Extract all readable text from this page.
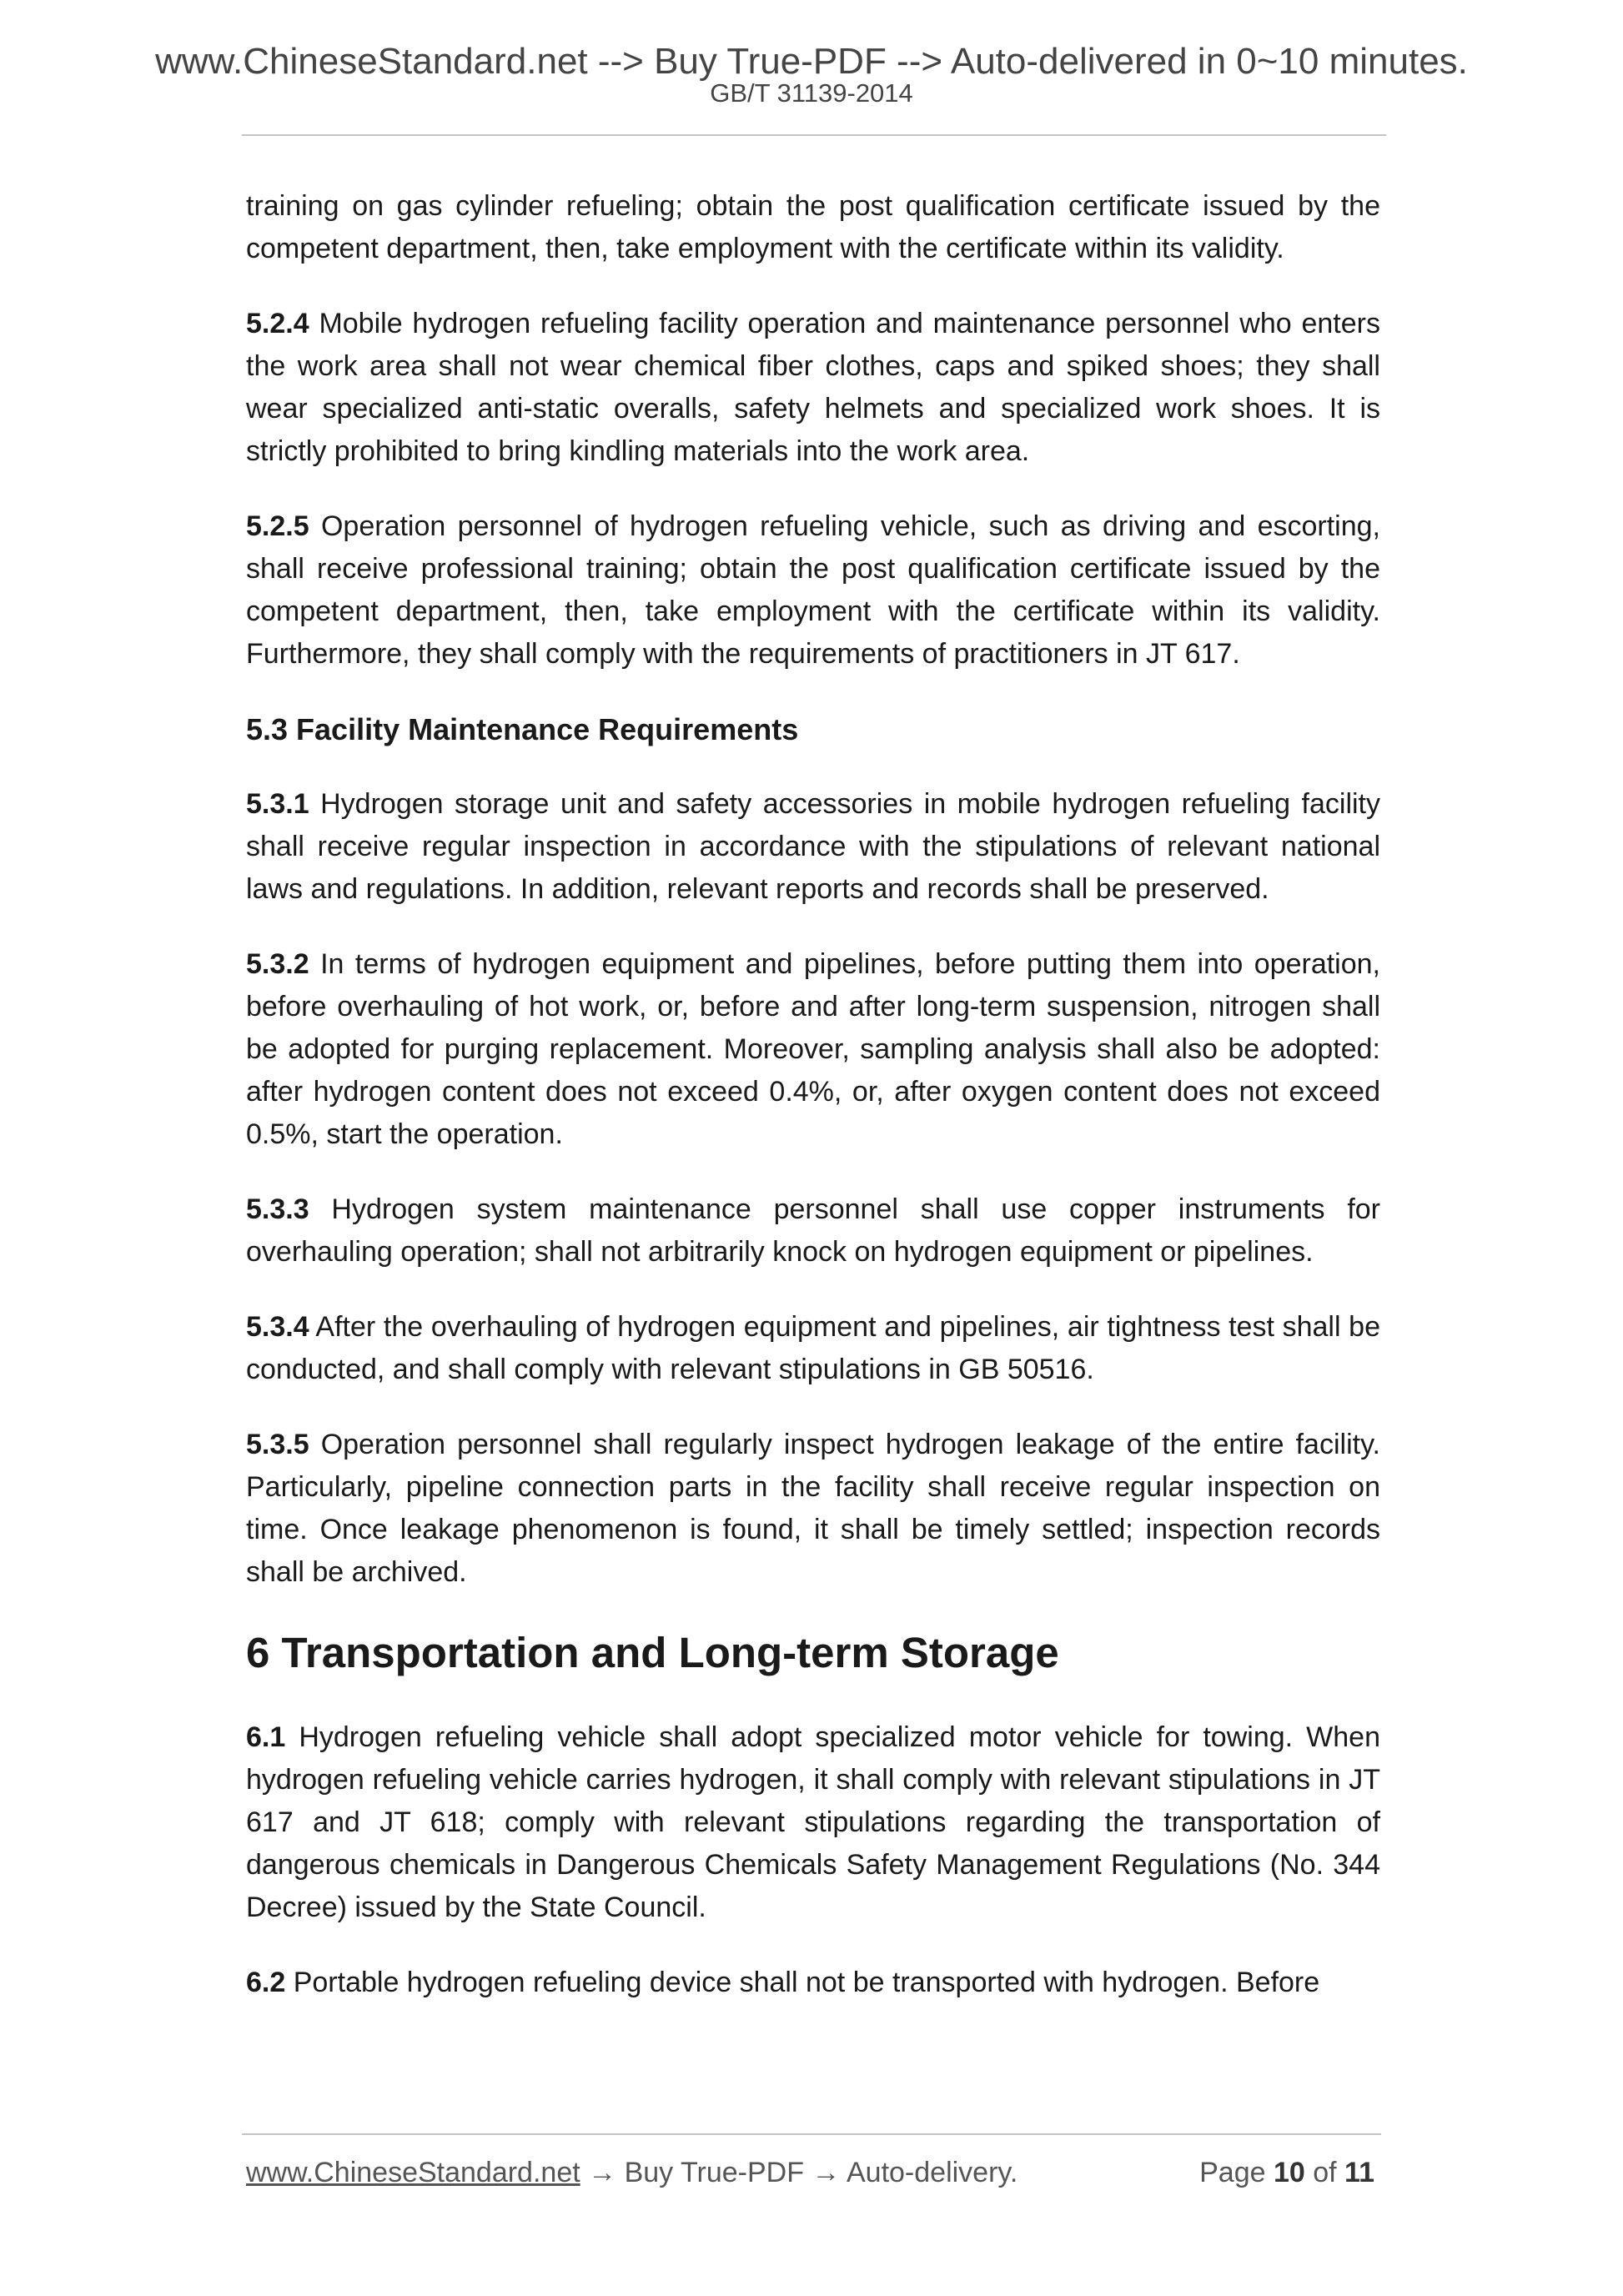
www.ChineseStandard.net --> Buy True-PDF --> Auto-delivered in 0~10 minutes.
GB/T 31139-2014

training on gas cylinder refueling; obtain the post qualification certificate issued by the competent department, then, take employment with the certificate within its validity.

5.2.4 Mobile hydrogen refueling facility operation and maintenance personnel who enters the work area shall not wear chemical fiber clothes, caps and spiked shoes; they shall wear specialized anti-static overalls, safety helmets and specialized work shoes. It is strictly prohibited to bring kindling materials into the work area.

5.2.5 Operation personnel of hydrogen refueling vehicle, such as driving and escorting, shall receive professional training; obtain the post qualification certificate issued by the competent department, then, take employment with the certificate within its validity. Furthermore, they shall comply with the requirements of practitioners in JT 617.

5.3 Facility Maintenance Requirements

5.3.1 Hydrogen storage unit and safety accessories in mobile hydrogen refueling facility shall receive regular inspection in accordance with the stipulations of relevant national laws and regulations. In addition, relevant reports and records shall be preserved.

5.3.2 In terms of hydrogen equipment and pipelines, before putting them into operation, before overhauling of hot work, or, before and after long-term suspension, nitrogen shall be adopted for purging replacement. Moreover, sampling analysis shall also be adopted: after hydrogen content does not exceed 0.4%, or, after oxygen content does not exceed 0.5%, start the operation.

5.3.3 Hydrogen system maintenance personnel shall use copper instruments for overhauling operation; shall not arbitrarily knock on hydrogen equipment or pipelines.

5.3.4 After the overhauling of hydrogen equipment and pipelines, air tightness test shall be conducted, and shall comply with relevant stipulations in GB 50516.

5.3.5 Operation personnel shall regularly inspect hydrogen leakage of the entire facility. Particularly, pipeline connection parts in the facility shall receive regular inspection on time. Once leakage phenomenon is found, it shall be timely settled; inspection records shall be archived.

6 Transportation and Long-term Storage

6.1 Hydrogen refueling vehicle shall adopt specialized motor vehicle for towing. When hydrogen refueling vehicle carries hydrogen, it shall comply with relevant stipulations in JT 617 and JT 618; comply with relevant stipulations regarding the transportation of dangerous chemicals in Dangerous Chemicals Safety Management Regulations (No. 344 Decree) issued by the State Council.

6.2 Portable hydrogen refueling device shall not be transported with hydrogen. Before

www.ChineseStandard.net → Buy True-PDF → Auto-delivery.	Page 10 of 11
